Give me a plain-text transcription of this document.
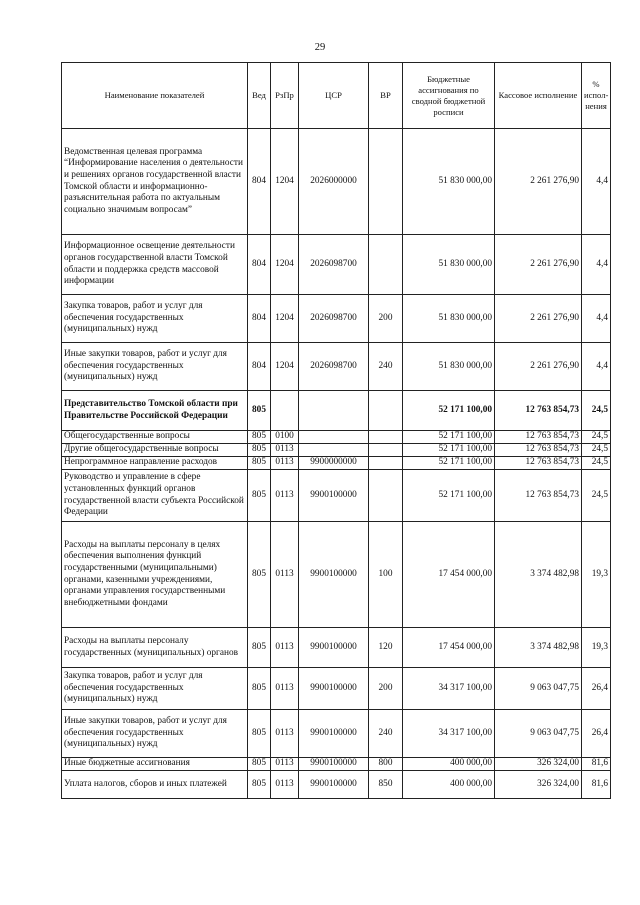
29
Наименование показателей	Вед	РзПр	ЦСР	ВР	Бюджетные ассигнования по сводной бюджетной росписи	Кассовое исполнение	% испол-нения
Ведомственная целевая программа “Информирование населения о деятельности и решениях органов государственной власти Томской области и информационно-разъяснительная работа по актуальным социально значимым вопросам”	804	1204	2026000000		51 830 000,00	2 261 276,90	4,4
Информационное освещение деятельности органов государственной власти Томской области и поддержка средств массовой информации	804	1204	2026098700		51 830 000,00	2 261 276,90	4,4
Закупка товаров, работ и услуг для обеспечения государственных (муниципальных) нужд	804	1204	2026098700	200	51 830 000,00	2 261 276,90	4,4
Иные закупки товаров, работ и услуг для обеспечения государственных (муниципальных) нужд	804	1204	2026098700	240	51 830 000,00	2 261 276,90	4,4
Представительство Томской области при Правительстве Российской Федерации	805				52 171 100,00	12 763 854,73	24,5
Общегосударственные вопросы	805	0100			52 171 100,00	12 763 854,73	24,5
Другие общегосударственные вопросы	805	0113			52 171 100,00	12 763 854,73	24,5
Непрограммное направление расходов	805	0113	9900000000		52 171 100,00	12 763 854,73	24,5
Руководство и управление в сфере установленных функций органов государственной власти субъекта Российской Федерации	805	0113	9900100000		52 171 100,00	12 763 854,73	24,5
Расходы на выплаты персоналу в целях обеспечения выполнения функций государственными (муниципальными) органами, казенными учреждениями, органами управления государственными внебюджетными фондами	805	0113	9900100000	100	17 454 000,00	3 374 482,98	19,3
Расходы на выплаты персоналу государственных (муниципальных) органов	805	0113	9900100000	120	17 454 000,00	3 374 482,98	19,3
Закупка товаров, работ и услуг для обеспечения государственных (муниципальных) нужд	805	0113	9900100000	200	34 317 100,00	9 063 047,75	26,4
Иные закупки товаров, работ и услуг для обеспечения государственных (муниципальных) нужд	805	0113	9900100000	240	34 317 100,00	9 063 047,75	26,4
Иные бюджетные ассигнования	805	0113	9900100000	800	400 000,00	326 324,00	81,6
Уплата налогов, сборов и иных платежей	805	0113	9900100000	850	400 000,00	326 324,00	81,6
